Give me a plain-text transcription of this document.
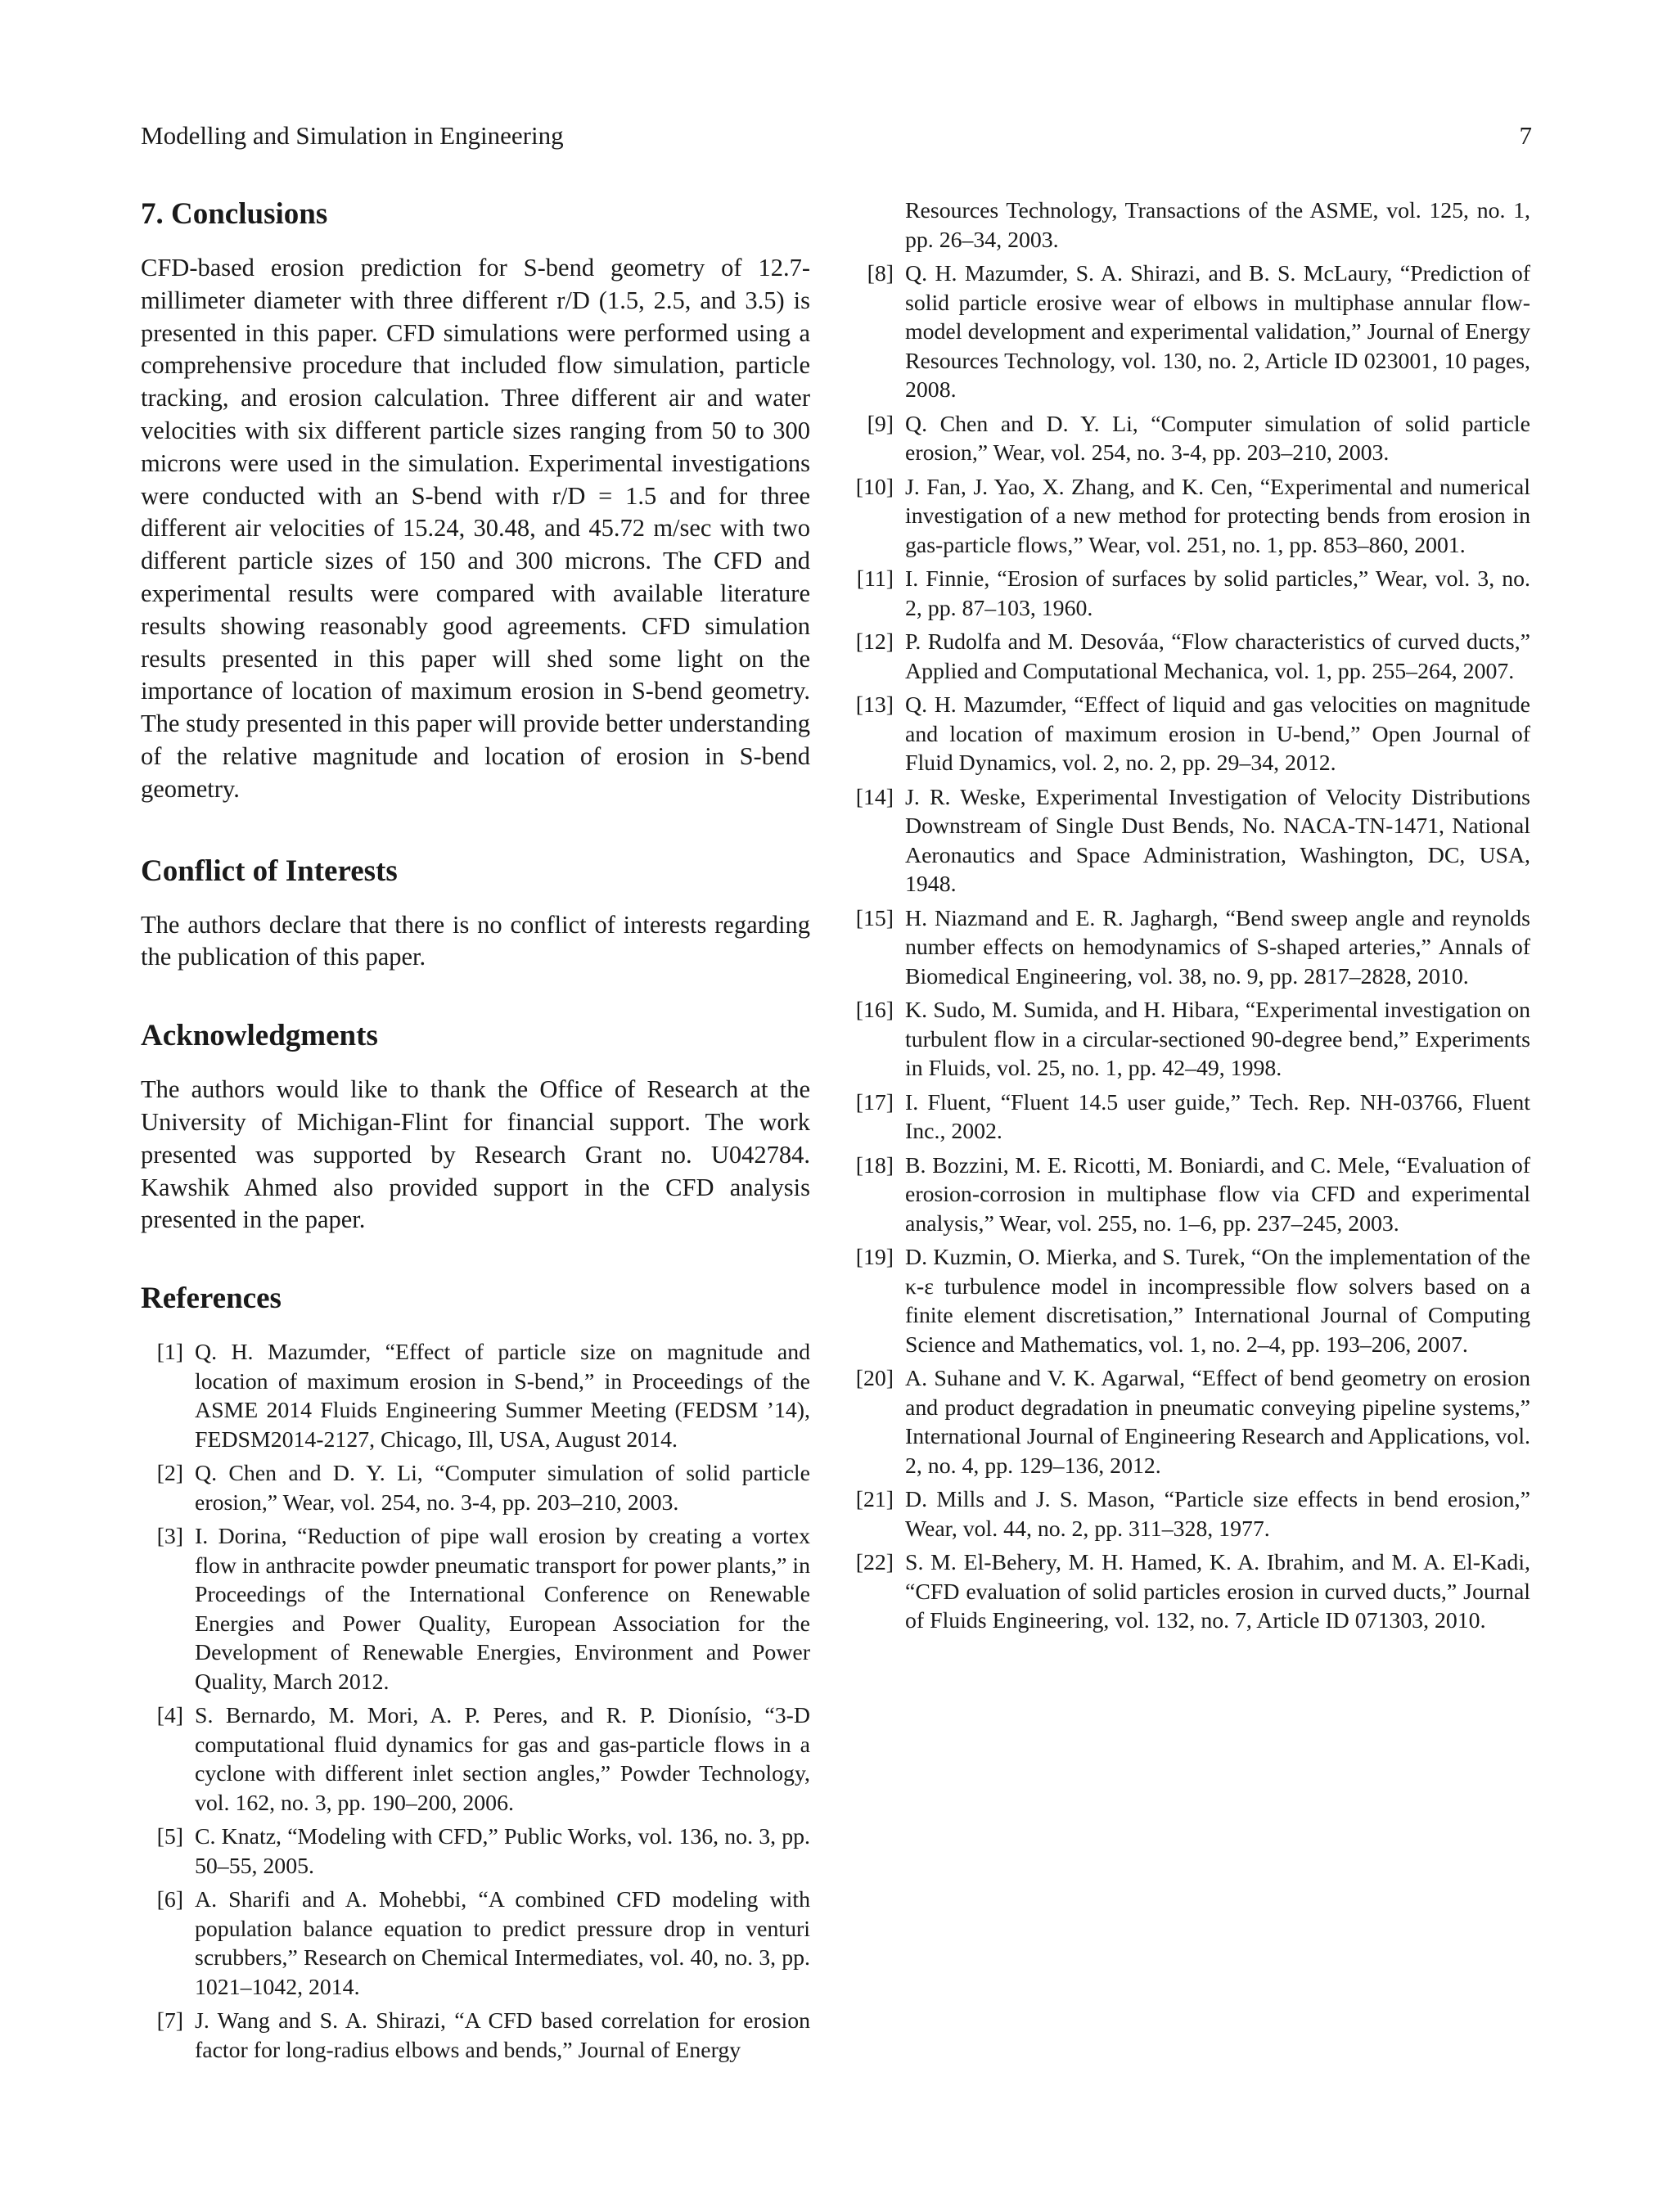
Modelling and Simulation in Engineering	7
7. Conclusions

CFD-based erosion prediction for S-bend geometry of 12.7-millimeter diameter with three different r/D (1.5, 2.5, and 3.5) is presented in this paper. CFD simulations were performed using a comprehensive procedure that included flow simulation, particle tracking, and erosion calculation. Three different air and water velocities with six different particle sizes ranging from 50 to 300 microns were used in the simulation. Experimental investigations were conducted with an S-bend with r/D = 1.5 and for three different air velocities of 15.24, 30.48, and 45.72 m/sec with two different particle sizes of 150 and 300 microns. The CFD and experimental results were compared with available literature results showing reasonably good agreements. CFD simulation results presented in this paper will shed some light on the importance of location of maximum erosion in S-bend geometry. The study presented in this paper will provide better understanding of the relative magnitude and location of erosion in S-bend geometry.

Conflict of Interests

The authors declare that there is no conflict of interests regarding the publication of this paper.

Acknowledgments

The authors would like to thank the Office of Research at the University of Michigan-Flint for financial support. The work presented was supported by Research Grant no. U042784. Kawshik Ahmed also provided support in the CFD analysis presented in the paper.

References
[1] Q. H. Mazumder, “Effect of particle size on magnitude and location of maximum erosion in S-bend,” in Proceedings of the ASME 2014 Fluids Engineering Summer Meeting (FEDSM ’14), FEDSM2014-2127, Chicago, Ill, USA, August 2014.
[2] Q. Chen and D. Y. Li, “Computer simulation of solid particle erosion,” Wear, vol. 254, no. 3-4, pp. 203–210, 2003.
[3] I. Dorina, “Reduction of pipe wall erosion by creating a vortex flow in anthracite powder pneumatic transport for power plants,” in Proceedings of the International Conference on Renewable Energies and Power Quality, European Association for the Development of Renewable Energies, Environment and Power Quality, March 2012.
[4] S. Bernardo, M. Mori, A. P. Peres, and R. P. Dionísio, “3-D computational fluid dynamics for gas and gas-particle flows in a cyclone with different inlet section angles,” Powder Technology, vol. 162, no. 3, pp. 190–200, 2006.
[5] C. Knatz, “Modeling with CFD,” Public Works, vol. 136, no. 3, pp. 50–55, 2005.
[6] A. Sharifi and A. Mohebbi, “A combined CFD modeling with population balance equation to predict pressure drop in venturi scrubbers,” Research on Chemical Intermediates, vol. 40, no. 3, pp. 1021–1042, 2014.
[7] J. Wang and S. A. Shirazi, “A CFD based correlation for erosion factor for long-radius elbows and bends,” Journal of Energy
Resources Technology, Transactions of the ASME, vol. 125, no. 1, pp. 26–34, 2003.
[8] Q. H. Mazumder, S. A. Shirazi, and B. S. McLaury, “Prediction of solid particle erosive wear of elbows in multiphase annular flow-model development and experimental validation,” Journal of Energy Resources Technology, vol. 130, no. 2, Article ID 023001, 10 pages, 2008.
[9] Q. Chen and D. Y. Li, “Computer simulation of solid particle erosion,” Wear, vol. 254, no. 3-4, pp. 203–210, 2003.
[10] J. Fan, J. Yao, X. Zhang, and K. Cen, “Experimental and numerical investigation of a new method for protecting bends from erosion in gas-particle flows,” Wear, vol. 251, no. 1, pp. 853–860, 2001.
[11] I. Finnie, “Erosion of surfaces by solid particles,” Wear, vol. 3, no. 2, pp. 87–103, 1960.
[12] P. Rudolfa and M. Desováa, “Flow characteristics of curved ducts,” Applied and Computational Mechanica, vol. 1, pp. 255–264, 2007.
[13] Q. H. Mazumder, “Effect of liquid and gas velocities on magnitude and location of maximum erosion in U-bend,” Open Journal of Fluid Dynamics, vol. 2, no. 2, pp. 29–34, 2012.
[14] J. R. Weske, Experimental Investigation of Velocity Distributions Downstream of Single Dust Bends, No. NACA-TN-1471, National Aeronautics and Space Administration, Washington, DC, USA, 1948.
[15] H. Niazmand and E. R. Jaghargh, “Bend sweep angle and reynolds number effects on hemodynamics of S-shaped arteries,” Annals of Biomedical Engineering, vol. 38, no. 9, pp. 2817–2828, 2010.
[16] K. Sudo, M. Sumida, and H. Hibara, “Experimental investigation on turbulent flow in a circular-sectioned 90-degree bend,” Experiments in Fluids, vol. 25, no. 1, pp. 42–49, 1998.
[17] I. Fluent, “Fluent 14.5 user guide,” Tech. Rep. NH-03766, Fluent Inc., 2002.
[18] B. Bozzini, M. E. Ricotti, M. Boniardi, and C. Mele, “Evaluation of erosion-corrosion in multiphase flow via CFD and experimental analysis,” Wear, vol. 255, no. 1–6, pp. 237–245, 2003.
[19] D. Kuzmin, O. Mierka, and S. Turek, “On the implementation of the κ-ε turbulence model in incompressible flow solvers based on a finite element discretisation,” International Journal of Computing Science and Mathematics, vol. 1, no. 2–4, pp. 193–206, 2007.
[20] A. Suhane and V. K. Agarwal, “Effect of bend geometry on erosion and product degradation in pneumatic conveying pipeline systems,” International Journal of Engineering Research and Applications, vol. 2, no. 4, pp. 129–136, 2012.
[21] D. Mills and J. S. Mason, “Particle size effects in bend erosion,” Wear, vol. 44, no. 2, pp. 311–328, 1977.
[22] S. M. El-Behery, M. H. Hamed, K. A. Ibrahim, and M. A. El-Kadi, “CFD evaluation of solid particles erosion in curved ducts,” Journal of Fluids Engineering, vol. 132, no. 7, Article ID 071303, 2010.
